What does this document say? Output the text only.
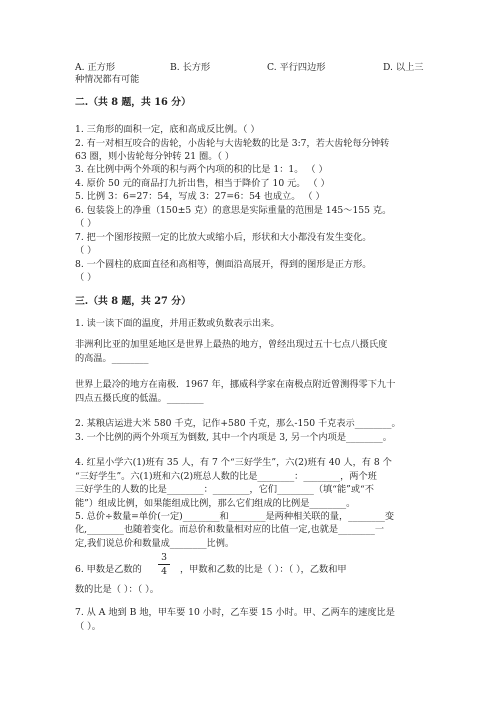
A. 正方形	B. 长方形	C. 平行四边形	D. 以上三
种情况都有可能
二.（共 8 题，共 16 分）
1. 三角形的面积一定，底和高成反比例。（ ）
2. 有一对相互咬合的齿轮，小齿轮与大齿轮数的比是 3:7，若大齿轮每分钟转
63 圈，则小齿轮每分钟转 21 圈。（ ）
3. 在比例中两个外项的积与两个内项的积的比是 1：1。 （ ）
4. 原价 50 元的商品打九折出售，相当于降价了 10 元。 （ ）
5. 比例 3：6=27：54，写成 3：27=6：54 也成立。 （ ）
6. 包装袋上的净重（150±5 克）的意思是实际重量的范围是 145～155 克。
（ ）
7. 把一个图形按照一定的比放大或缩小后，形状和大小都没有发生变化。
（ ）
8. 一个圆柱的底面直径和高相等，侧面沿高展开，得到的图形是正方形。
（ ）
三.（共 8 题，共 27 分）
1. 读一读下面的温度，并用正数或负数表示出来。
非洲利比亚的加里延地区是世界上最热的地方，曾经出现过五十七点八摄氏度
的高温。________
世界上最冷的地方在南极．1967 年，挪威科学家在南极点附近曾测得零下九十
四点五摄氏度的低温。________
2. 某粮店运进大米 580 千克，记作+580 千克，那么-150 千克表示________。
3. 一个比例的两个外项互为倒数, 其中一个内项是 3, 另一个内项是________。
4. 红星小学六(1)班有 35 人，有 7 个“三好学生”，六(2)班有 40 人，有 8 个
“三好学生”。六(1)班和六(2)班总人数的比是________：________，两个班
三好学生的人数的比是________：________，它们________（填“能”或“不
能”）组成比例，如果能组成比例，那么它们组成的比例是________。
5. 总价÷数量=单价(一定)________和________是两种相关联的量，________变
化,________也随着变化。而总价和数量相对应的比值一定,也就是________一
定,我们说总价和数量成________比例。
6. 甲数是乙数的
3
4	，甲数和乙数的比是（ ）：（ ），乙数和甲
数的比是（ ）：（ ）。
7. 从 A 地到 B 地，甲车要 10 小时，乙车要 15 小时。甲、乙两车的速度比是
（ ）。
